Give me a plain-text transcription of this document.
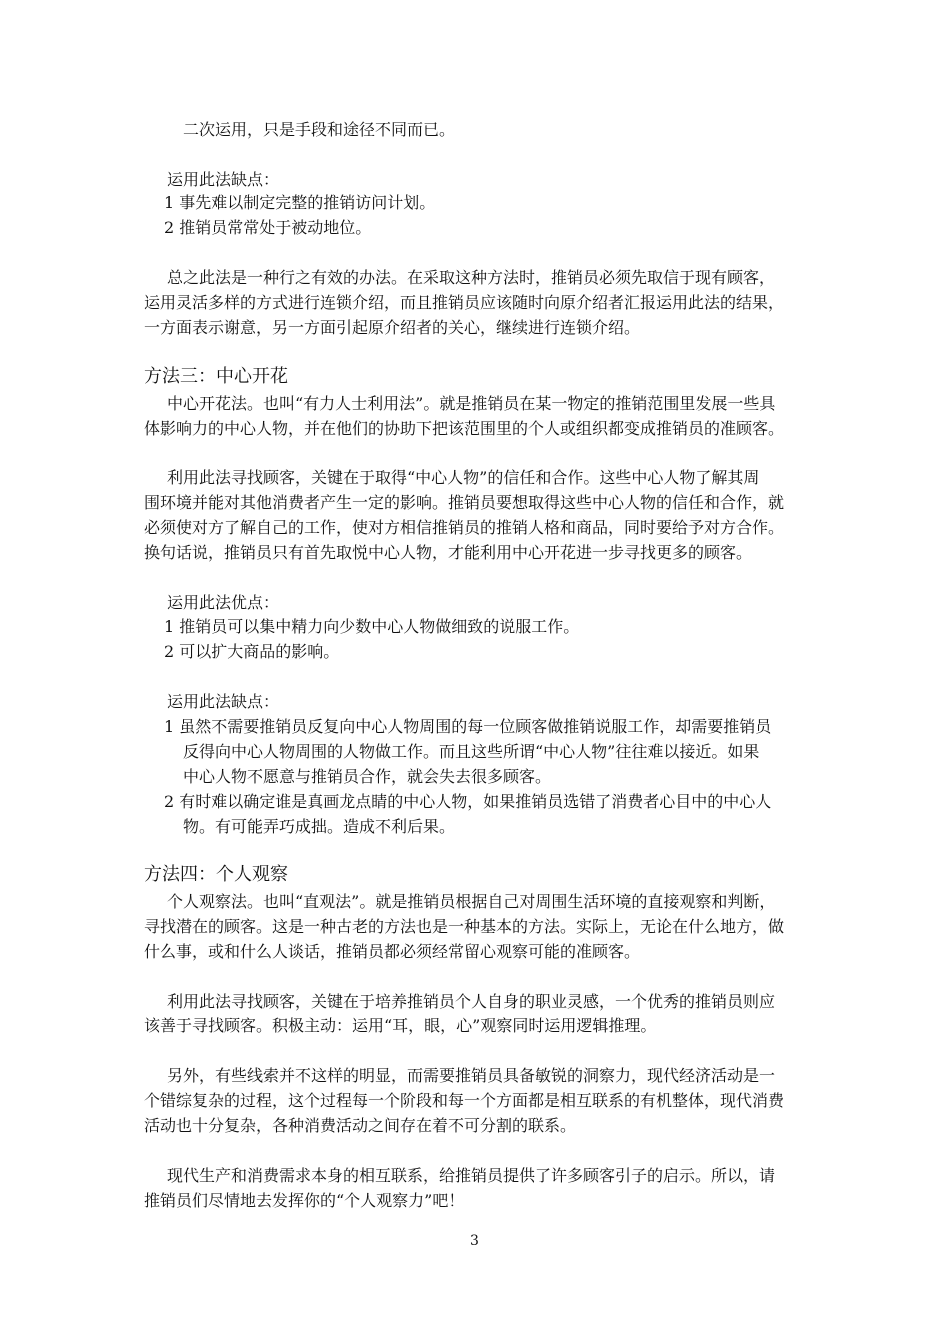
二次运用，只是手段和途径不同而已。
运用此法缺点：
1 事先难以制定完整的推销访问计划。
2 推销员常常处于被动地位。
总之此法是一种行之有效的办法。在采取这种方法时，推销员必须先取信于现有顾客，
运用灵活多样的方式进行连锁介绍，而且推销员应该随时向原介绍者汇报运用此法的结果，
一方面表示谢意，另一方面引起原介绍者的关心，继续进行连锁介绍。
方法三：中心开花
中心开花法。也叫“有力人士利用法”。就是推销员在某一物定的推销范围里发展一些具
体影响力的中心人物，并在他们的协助下把该范围里的个人或组织都变成推销员的准顾客。
利用此法寻找顾客，关键在于取得“中心人物”的信任和合作。这些中心人物了解其周
围环境并能对其他消费者产生一定的影响。推销员要想取得这些中心人物的信任和合作，就
必须使对方了解自己的工作，使对方相信推销员的推销人格和商品，同时要给予对方合作。
换句话说，推销员只有首先取悦中心人物，才能利用中心开花进一步寻找更多的顾客。
运用此法优点：
1 推销员可以集中精力向少数中心人物做细致的说服工作。
2 可以扩大商品的影响。
运用此法缺点：
1 虽然不需要推销员反复向中心人物周围的每一位顾客做推销说服工作，却需要推销员
反得向中心人物周围的人物做工作。而且这些所谓“中心人物”往往难以接近。如果
中心人物不愿意与推销员合作，就会失去很多顾客。
2 有时难以确定谁是真画龙点睛的中心人物，如果推销员选错了消费者心目中的中心人
物。有可能弄巧成拙。造成不利后果。
方法四：个人观察
个人观察法。也叫“直观法”。就是推销员根据自己对周围生活环境的直接观察和判断，
寻找潜在的顾客。这是一种古老的方法也是一种基本的方法。实际上，无论在什么地方，做
什么事，或和什么人谈话，推销员都必须经常留心观察可能的准顾客。
利用此法寻找顾客，关键在于培养推销员个人自身的职业灵感，一个优秀的推销员则应
该善于寻找顾客。积极主动：运用“耳，眼，心”观察同时运用逻辑推理。
另外，有些线索并不这样的明显，而需要推销员具备敏锐的洞察力，现代经济活动是一
个错综复杂的过程，这个过程每一个阶段和每一个方面都是相互联系的有机整体，现代消费
活动也十分复杂，各种消费活动之间存在着不可分割的联系。
现代生产和消费需求本身的相互联系，给推销员提供了许多顾客引子的启示。所以，请
推销员们尽情地去发挥你的“个人观察力”吧！
3
